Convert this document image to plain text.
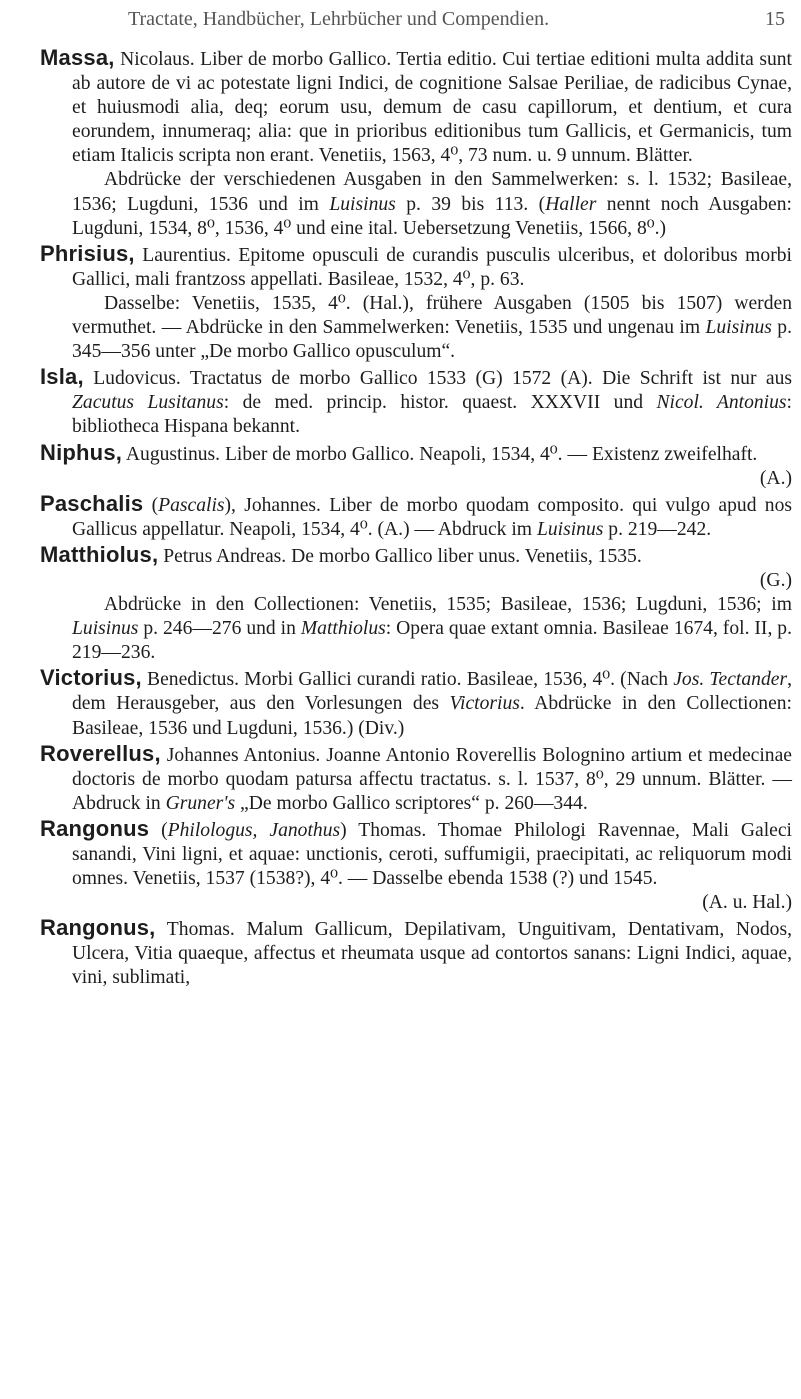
Tractate, Handbücher, Lehrbücher und Compendien.	15

Massa, Nicolaus. Liber de morbo Gallico. Tertia editio. Cui tertiae editioni multa addita sunt ab autore de vi ac potestate ligni Indici, de cognitione Salsae Periliae, de radicibus Cynae, et huiusmodi alia, deq; eorum usu, demum de casu capillorum, et dentium, et cura eorundem, innumeraq; alia: que in prioribus editionibus tum Gallicis, et Germanicis, tum etiam Italicis scripta non erant. Venetiis, 1563, 4⁰, 73 num. u. 9 unnum. Blätter.
Abdrücke der verschiedenen Ausgaben in den Sammelwerken: s. l. 1532; Basileae, 1536; Lugduni, 1536 und im Luisinus p. 39 bis 113. (Haller nennt noch Ausgaben: Lugduni, 1534, 8⁰, 1536, 4⁰ und eine ital. Uebersetzung Venetiis, 1566, 8⁰.)

Phrisius, Laurentius. Epitome opusculi de curandis pusculis ulceribus, et doloribus morbi Gallici, mali frantzoss appellati. Basileae, 1532, 4⁰, p. 63.
Dasselbe: Venetiis, 1535, 4⁰. (Hal.), frühere Ausgaben (1505 bis 1507) werden vermuthet. — Abdrücke in den Sammelwerken: Venetiis, 1535 und ungenau im Luisinus p. 345—356 unter „De morbo Gallico opusculum“.

Isla, Ludovicus. Tractatus de morbo Gallico 1533 (G) 1572 (A). Die Schrift ist nur aus Zacutus Lusitanus: de med. princip. histor. quaest. XXXVII und Nicol. Antonius: bibliotheca Hispana bekannt.

Niphus, Augustinus. Liber de morbo Gallico. Neapoli, 1534, 4⁰. — Existenz zweifelhaft.
(A.)

Paschalis (Pascalis), Johannes. Liber de morbo quodam composito. qui vulgo apud nos Gallicus appellatur. Neapoli, 1534, 4⁰. (A.) — Abdruck im Luisinus p. 219—242.

Matthiolus, Petrus Andreas. De morbo Gallico liber unus. Venetiis, 1535.
(G.)
Abdrücke in den Collectionen: Venetiis, 1535; Basileae, 1536; Lugduni, 1536; im Luisinus p. 246—276 und in Matthiolus: Opera quae extant omnia. Basileae 1674, fol. II, p. 219—236.

Victorius, Benedictus. Morbi Gallici curandi ratio. Basileae, 1536, 4⁰. (Nach Jos. Tectander, dem Herausgeber, aus den Vorlesungen des Victorius. Abdrücke in den Collectionen: Basileae, 1536 und Lugduni, 1536.) (Div.)

Roverellus, Johannes Antonius. Joanne Antonio Roverellis Bolognino artium et medecinae doctoris de morbo quodam patursa affectu tractatus. s. l. 1537, 8⁰, 29 unnum. Blätter. — Abdruck in Gruner's „De morbo Gallico scriptores“ p. 260—344.

Rangonus (Philologus, Janothus) Thomas. Thomae Philologi Ravennae, Mali Galeci sanandi, Vini ligni, et aquae: unctionis, ceroti, suffumigii, praecipitati, ac reliquorum modi omnes. Venetiis, 1537 (1538?), 4⁰. — Dasselbe ebenda 1538 (?) und 1545.
(A. u. Hal.)

Rangonus, Thomas. Malum Gallicum, Depilativam, Unguitivam, Dentativam, Nodos, Ulcera, Vitia quaeque, affectus et rheumata usque ad contortos sanans: Ligni Indici, aquae, vini, sublimati,
